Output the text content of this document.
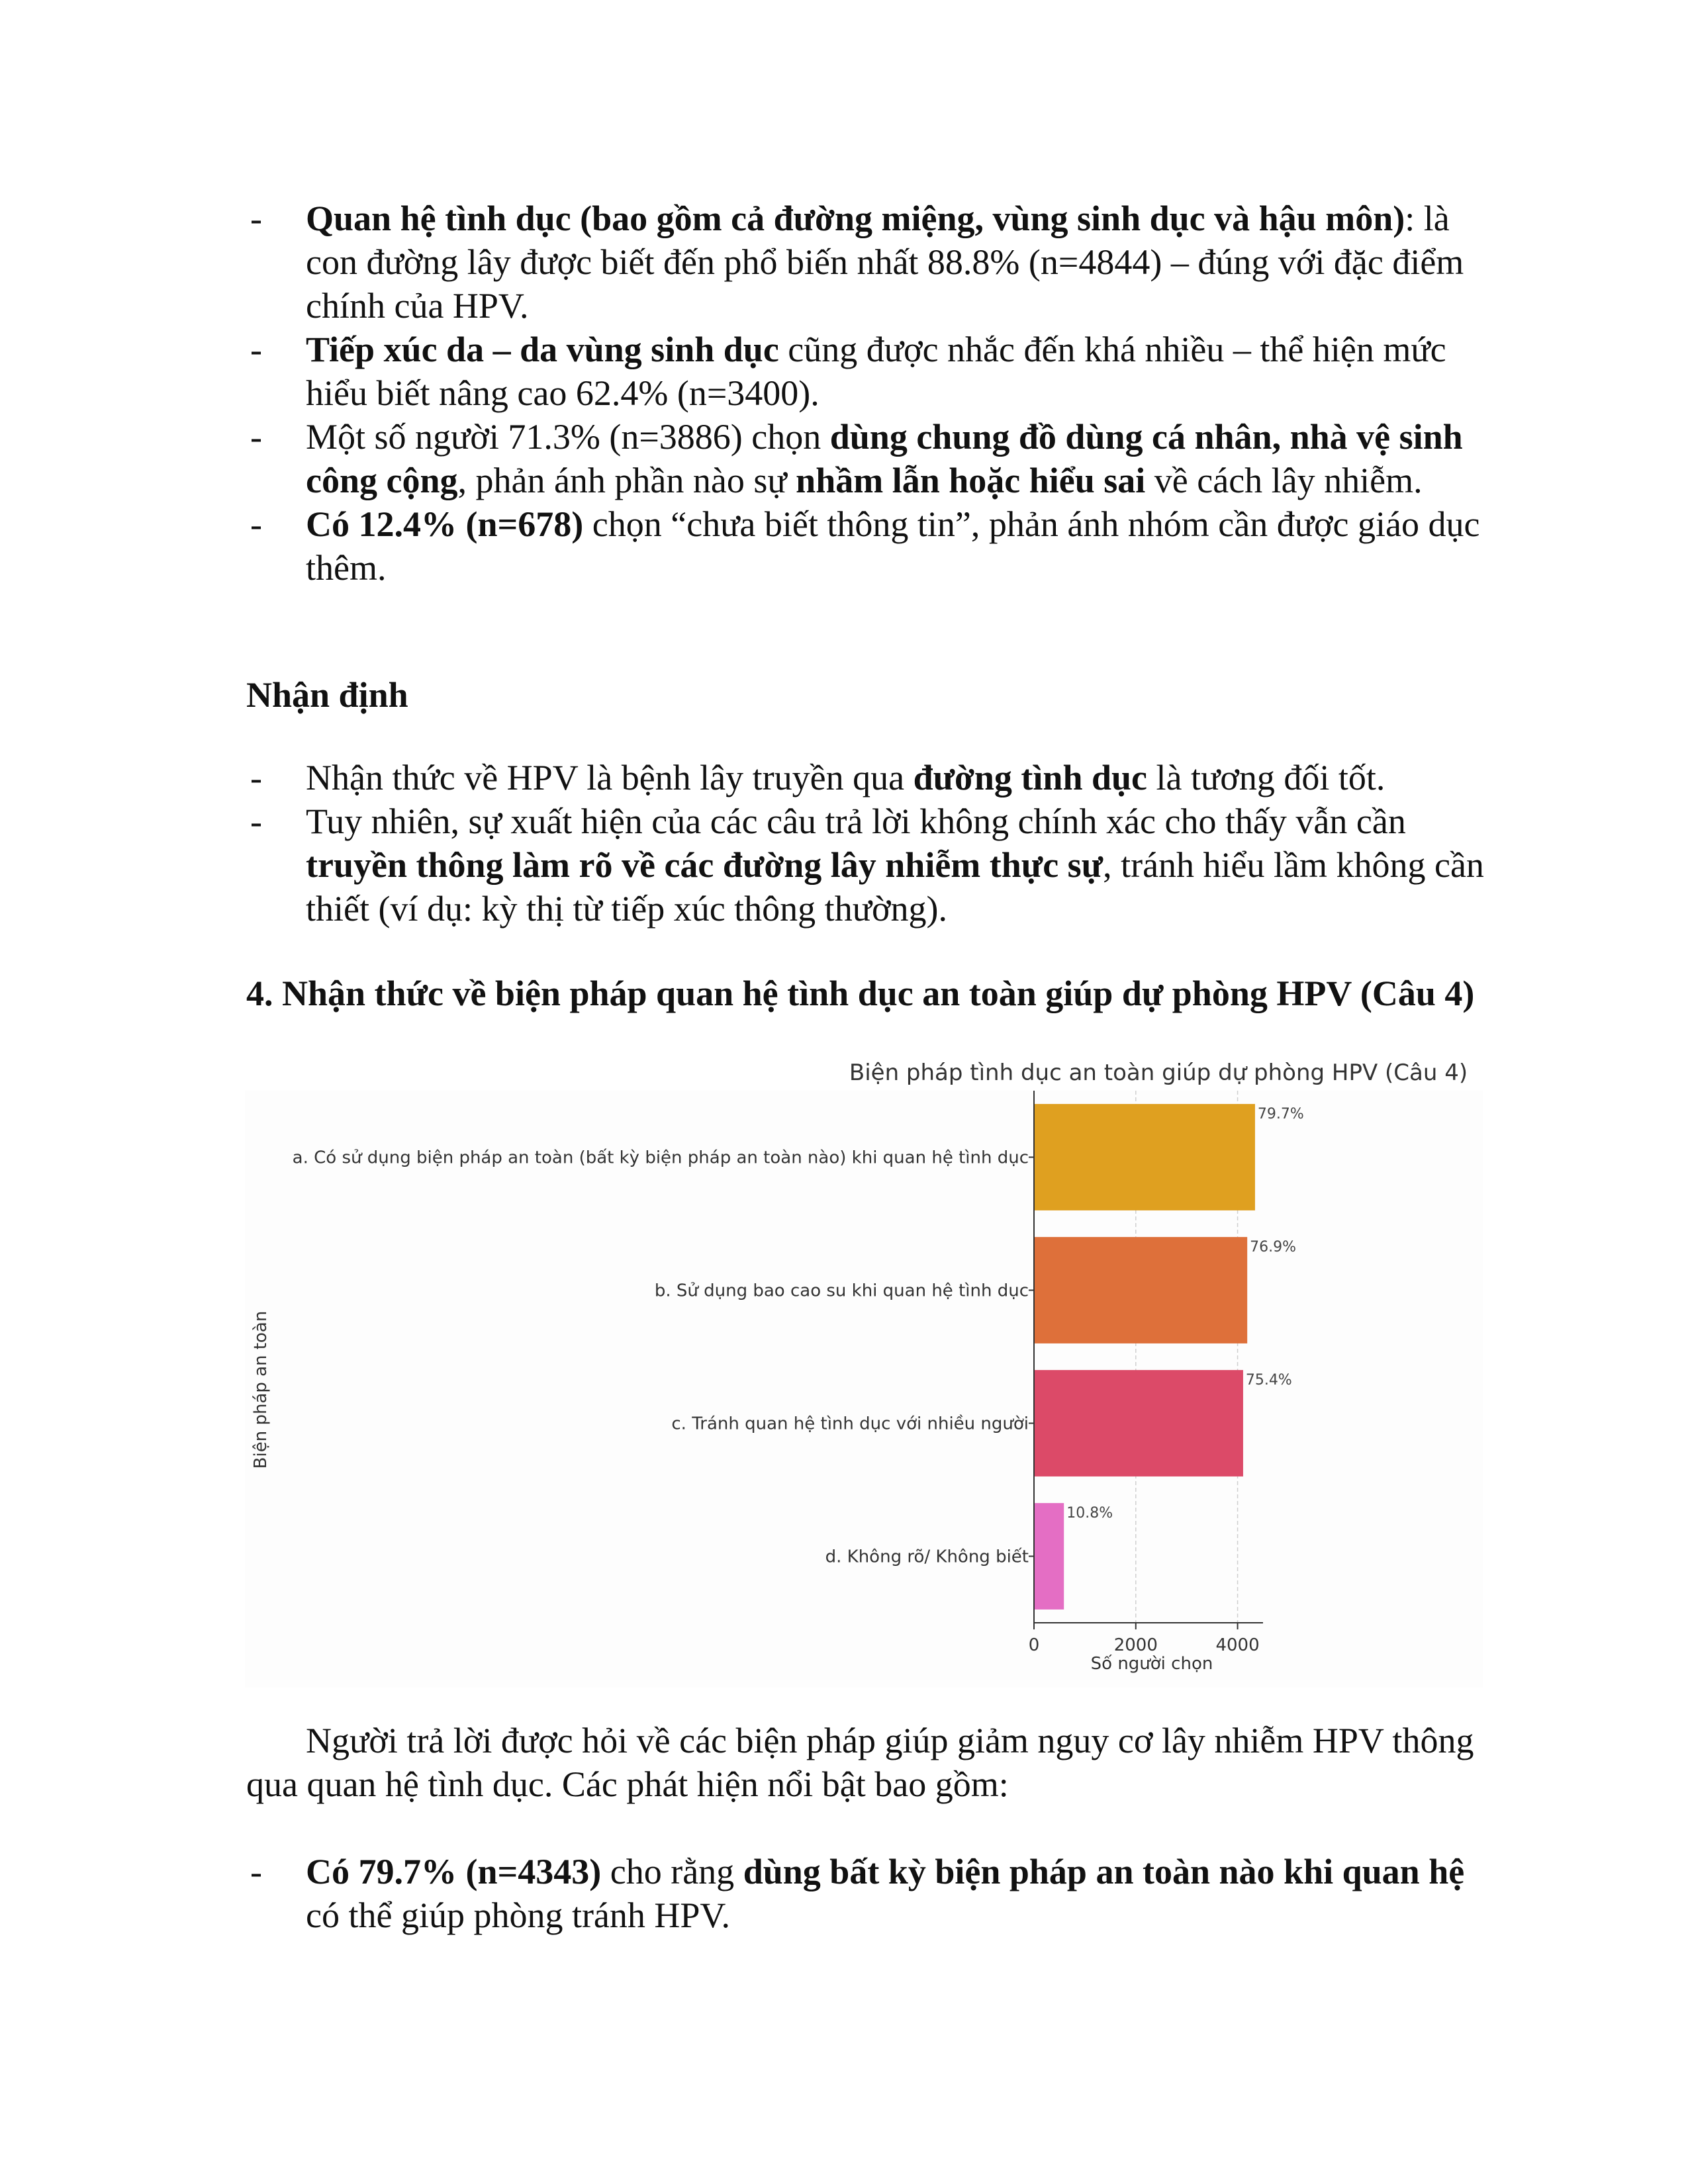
- Quan hệ tình dục (bao gồm cả đường miệng, vùng sinh dục và hậu môn): là con đường lây được biết đến phổ biến nhất 88.8% (n=4844) – đúng với đặc điểm chính của HPV.
- Tiếp xúc da – da vùng sinh dục cũng được nhắc đến khá nhiều – thể hiện mức hiểu biết nâng cao 62.4% (n=3400).
- Một số người 71.3% (n=3886) chọn dùng chung đồ dùng cá nhân, nhà vệ sinh công cộng, phản ánh phần nào sự nhầm lẫn hoặc hiểu sai về cách lây nhiễm.
- Có 12.4% (n=678) chọn “chưa biết thông tin”, phản ánh nhóm cần được giáo dục thêm.
Nhận định
- Nhận thức về HPV là bệnh lây truyền qua đường tình dục là tương đối tốt.
- Tuy nhiên, sự xuất hiện của các câu trả lời không chính xác cho thấy vẫn cần truyền thông làm rõ về các đường lây nhiễm thực sự, tránh hiểu lầm không cần thiết (ví dụ: kỳ thị từ tiếp xúc thông thường).
4. Nhận thức về biện pháp quan hệ tình dục an toàn giúp dự phòng HPV (Câu 4)
Biện pháp tình dục an toàn giúp dự phòng HPV (Câu 4)
Biện pháp an toàn
Số người chọn
79.7%
a. Có sử dụng biện pháp an toàn (bất kỳ biện pháp an toàn nào) khi quan hệ tình dục
76.9%
b. Sử dụng bao cao su khi quan hệ tình dục
75.4%
c. Tránh quan hệ tình dục với nhiều người
10.8%
d. Không rõ/ Không biết
0	2000	4000

Người trả lời được hỏi về các biện pháp giúp giảm nguy cơ lây nhiễm HPV thông qua quan hệ tình dục. Các phát hiện nổi bật bao gồm:

- Có 79.7% (n=4343) cho rằng dùng bất kỳ biện pháp an toàn nào khi quan hệ có thể giúp phòng tránh HPV.
